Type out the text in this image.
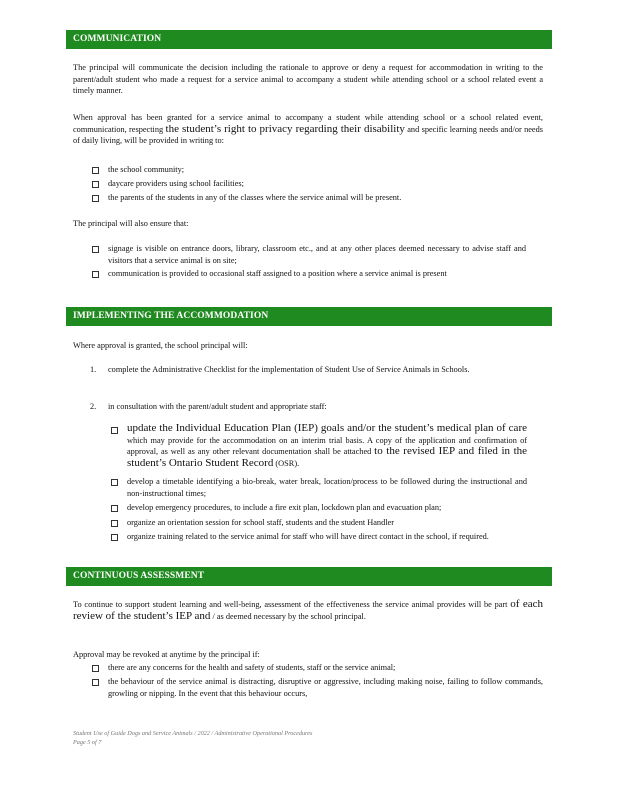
COMMUNICATION

The principal will communicate the decision including the rationale to approve or deny a request for accommodation in writing to the parent/adult student who made a request for a service animal to accompany a student while attending school or a school related event a timely manner.

When approval has been granted for a service animal to accompany a student while attending school or a school related event, communication, respecting the student’s right to privacy regarding their disability and specific learning needs and/or needs of daily living, will be provided in writing to:

the school community;

daycare providers using school facilities;

the parents of the students in any of the classes where the service animal will be present.

The principal will also ensure that:

signage is visible on entrance doors, library, classroom etc., and at any other places deemed necessary to advise staff and visitors that a service animal is on site;

communication is provided to occasional staff assigned to a position where a service animal is present

IMPLEMENTING THE ACCOMMODATION

Where approval is granted, the school principal will:

1. complete the Administrative Checklist for the implementation of Student Use of Service Animals in Schools.

2. in consultation with the parent/adult student and appropriate staff:

update the Individual Education Plan (IEP) goals and/or the student’s medical plan of care which may provide for the accommodation on an interim trial basis. A copy of the application and confirmation of approval, as well as any other relevant documentation shall be attached to the revised IEP and filed in the student’s Ontario Student Record (OSR).

develop a timetable identifying a bio-break, water break, location/process to be followed during the instructional and non-instructional times;

develop emergency procedures, to include a fire exit plan, lockdown plan and evacuation plan;

organize an orientation session for school staff, students and the student Handler

organize training related to the service animal for staff who will have direct contact in the school, if required.

CONTINUOUS ASSESSMENT

To continue to support student learning and well-being, assessment of the effectiveness the service animal provides will be part of each review of the student’s IEP and / as deemed necessary by the school principal.

Approval may be revoked at anytime by the principal if:

there are any concerns for the health and safety of students, staff or the service animal;

the behaviour of the service animal is distracting, disruptive or aggressive, including making noise, failing to follow commands, growling or nipping. In the event that this behaviour occurs,

Student Use of Guide Dogs and Service Animals / 2022 / Administrative Operational Procedures
Page 5 of 7
